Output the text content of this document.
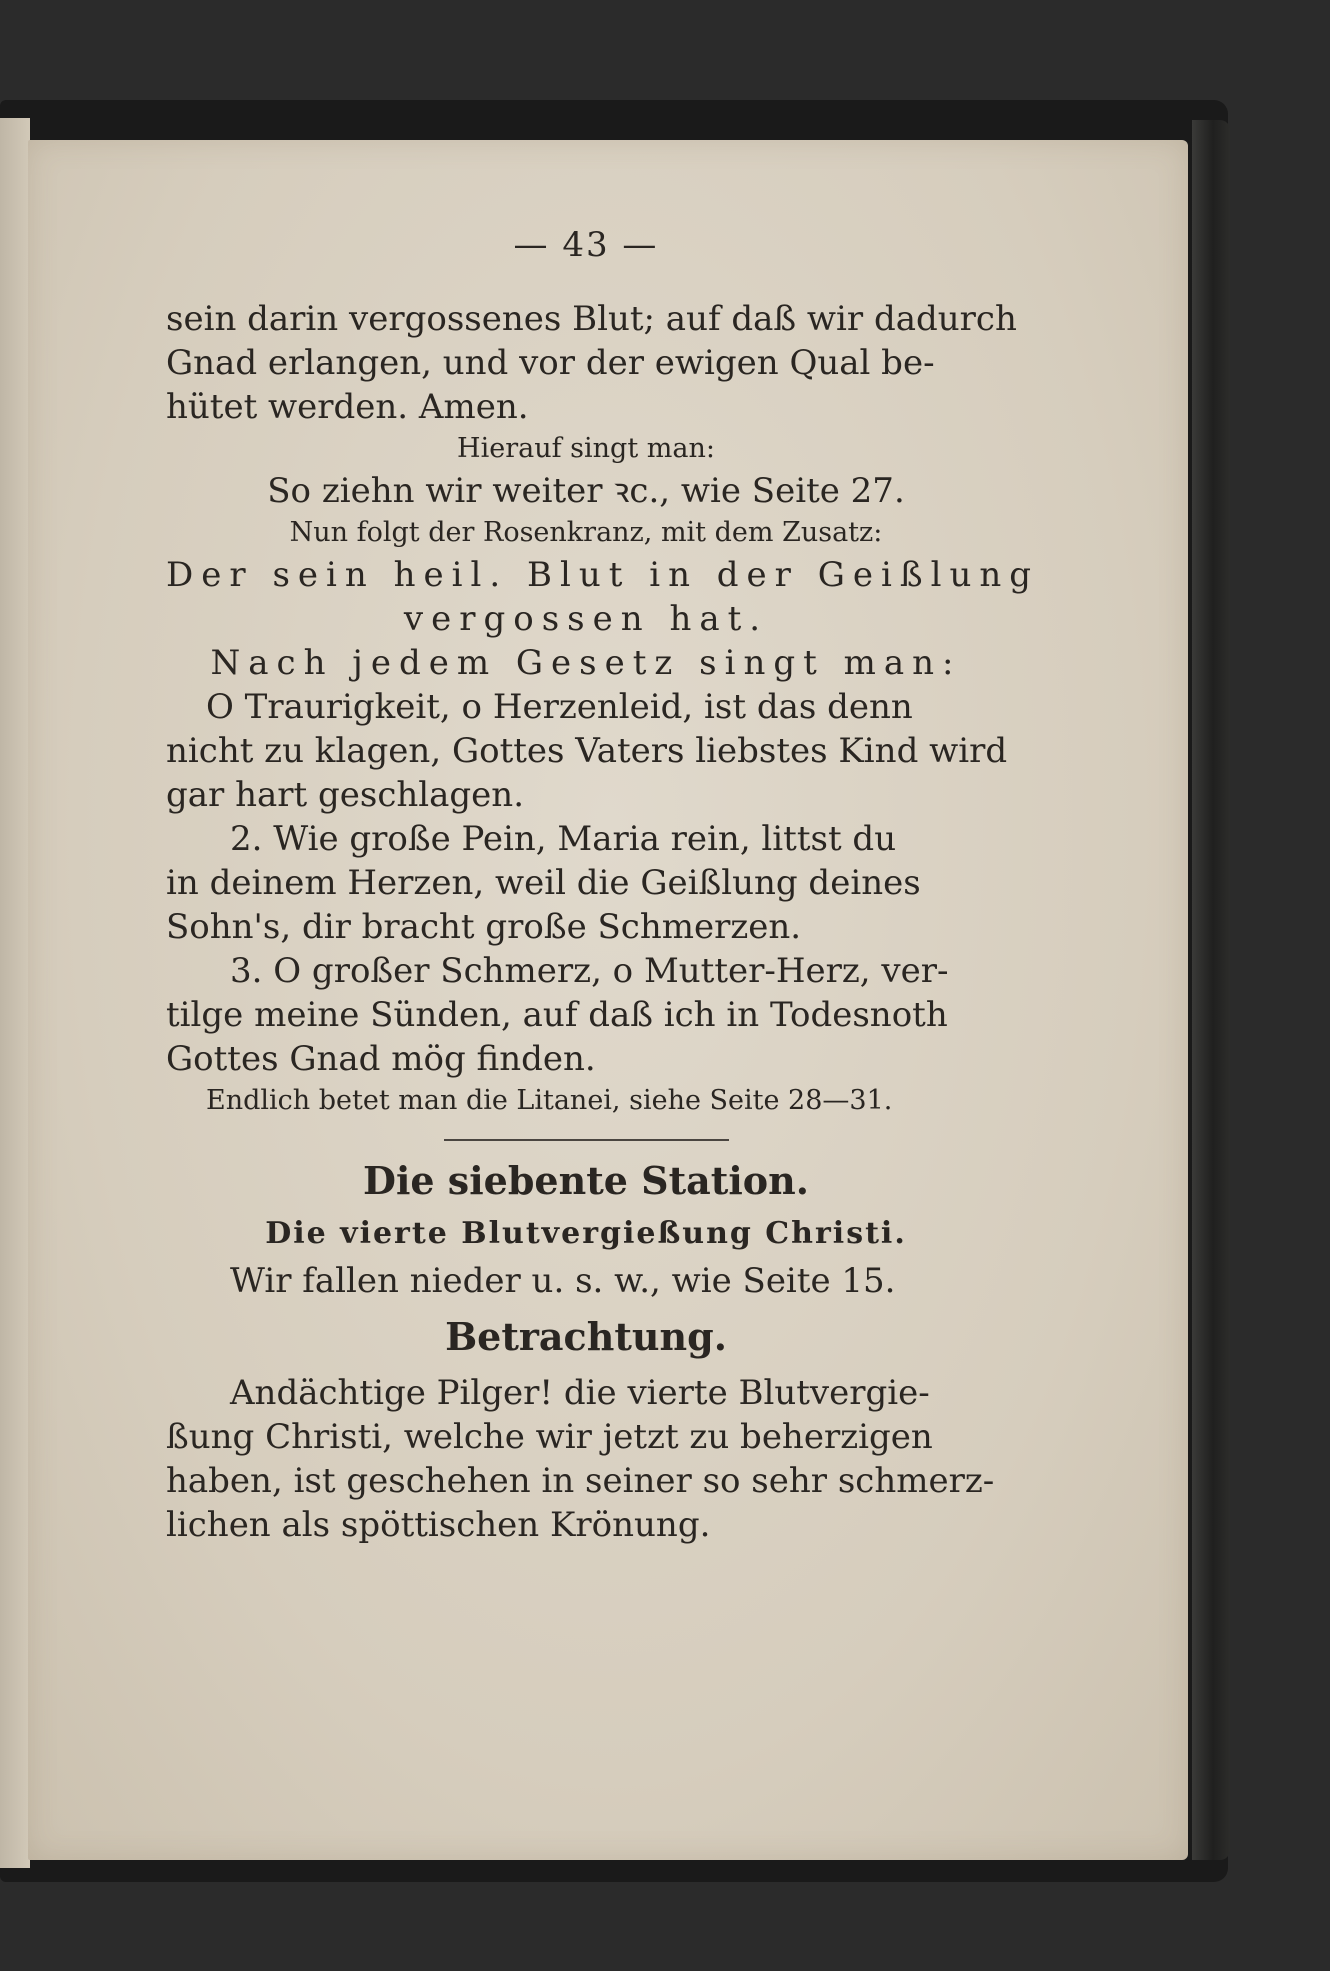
— 43 —
sein darin vergossenes Blut; auf daß wir dadurch
Gnad erlangen, und vor der ewigen Qual be-
hütet werden. Amen.
Hierauf singt man:
So ziehn wir weiter ꝛc., wie Seite 27.
Nun folgt der Rosenkranz, mit dem Zusatz:
Der sein heil. Blut in der Geißlung
vergossen hat.
Nach jedem Gesetz singt man:
O Traurigkeit, o Herzenleid, ist das denn
nicht zu klagen, Gottes Vaters liebstes Kind wird
gar hart geschlagen.
2. Wie große Pein, Maria rein, littst du
in deinem Herzen, weil die Geißlung deines
Sohn's, dir bracht große Schmerzen.
3. O großer Schmerz, o Mutter-Herz, ver-
tilge meine Sünden, auf daß ich in Todesnoth
Gottes Gnad mög finden.
Endlich betet man die Litanei, siehe Seite 28—31.
Die siebente Station.
Die vierte Blutvergießung Christi.
Wir fallen nieder u. s. w., wie Seite 15.
Betrachtung.
Andächtige Pilger! die vierte Blutvergie-
ßung Christi, welche wir jetzt zu beherzigen
haben, ist geschehen in seiner so sehr schmerz-
lichen als spöttischen Krönung.
